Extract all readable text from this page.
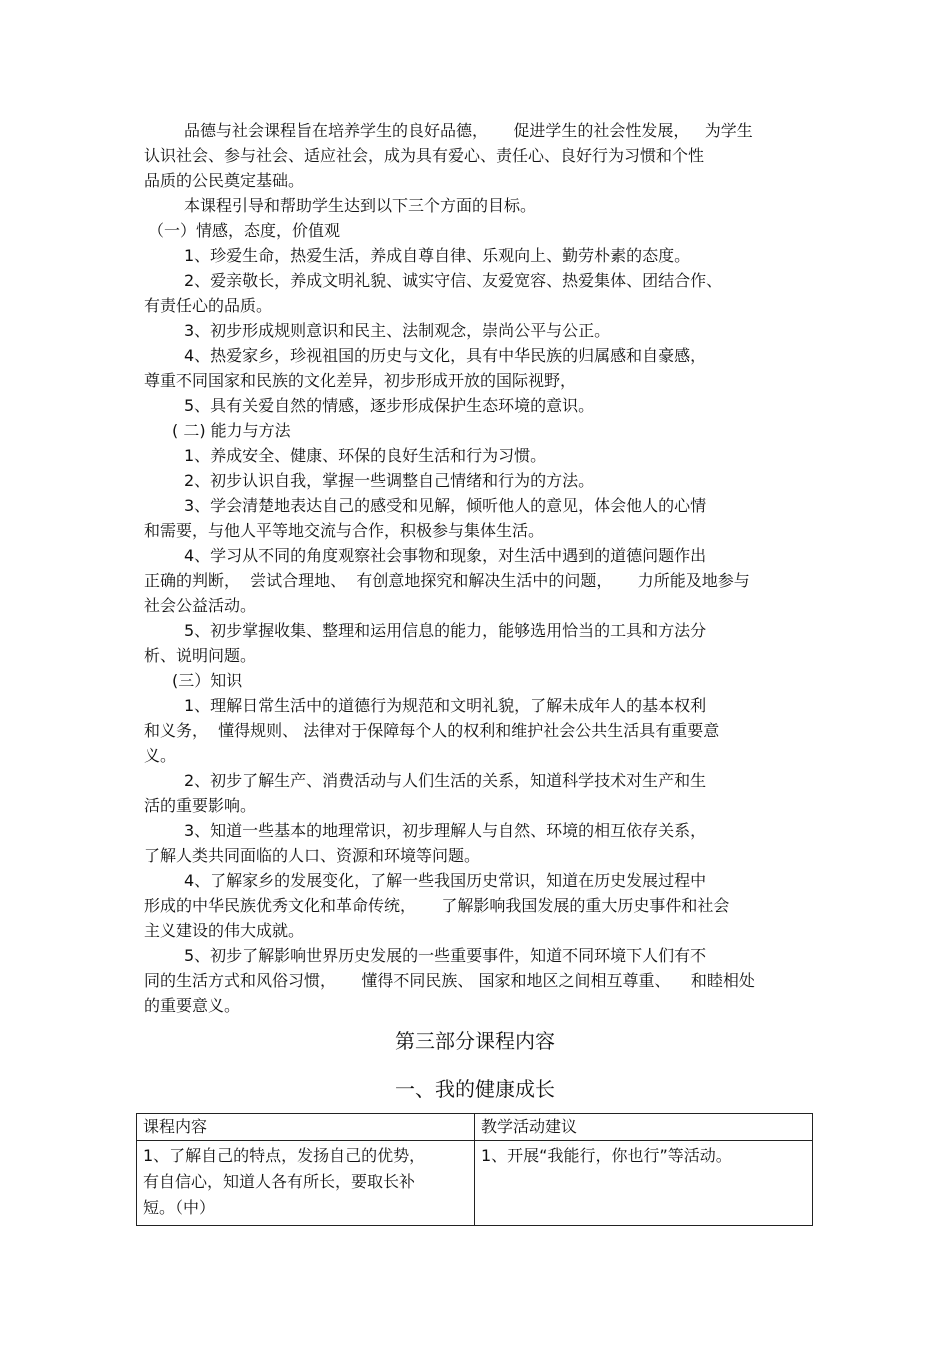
品德与社会课程旨在培养学生的良好品德，     促进学生的社会性发展，   为学生
认识社会、参与社会、适应社会，成为具有爱心、责任心、良好行为习惯和个性
品质的公民奠定基础。
本课程引导和帮助学生达到以下三个方面的目标。
（一）情感，态度，价值观
1、珍爱生命，热爱生活，养成自尊自律、乐观向上、勤劳朴素的态度。
2、爱亲敬长，养成文明礼貌、诚实守信、友爱宽容、热爱集体、团结合作、
有责任心的品质。
3、初步形成规则意识和民主、法制观念，崇尚公平与公正。
4、热爱家乡，珍视祖国的历史与文化，具有中华民族的归属感和自豪感，
尊重不同国家和民族的文化差异，初步形成开放的国际视野，
5、具有关爱自然的情感，逐步形成保护生态环境的意识。
( 二) 能力与方法
1、养成安全、健康、环保的良好生活和行为习惯。
2、初步认识自我，掌握一些调整自己情绪和行为的方法。
3、学会清楚地表达自己的感受和见解，倾听他人的意见，体会他人的心情
和需要，与他人平等地交流与合作，积极参与集体生活。
4、学习从不同的角度观察社会事物和现象，对生活中遇到的道德问题作出
正确的判断，  尝试合理地、  有创意地探究和解决生活中的问题，     力所能及地参与
社会公益活动。
5、初步掌握收集、整理和运用信息的能力，能够选用恰当的工具和方法分
析、说明问题。
(三）知识
1、理解日常生活中的道德行为规范和文明礼貌，了解未成年人的基本权利
和义务，  懂得规则、 法律对于保障每个人的权利和维护社会公共生活具有重要意
义。
2、初步了解生产、消费活动与人们生活的关系，知道科学技术对生产和生
活的重要影响。
3、知道一些基本的地理常识，初步理解人与自然、环境的相互依存关系，
了解人类共同面临的人口、资源和环境等问题。
4、了解家乡的发展变化，了解一些我国历史常识，知道在历史发展过程中
形成的中华民族优秀文化和革命传统，     了解影响我国发展的重大历史事件和社会
主义建设的伟大成就。
5、初步了解影响世界历史发展的一些重要事件，知道不同环境下人们有不
同的生活方式和风俗习惯，     懂得不同民族、 国家和地区之间相互尊重、    和睦相处
的重要意义。
第三部分课程内容
一、我的健康成长
课程内容	教学活动建议

1、了解自己的特点，发扬自己的优势，
有自信心，知道人各有所长，要取长补
短。（中）	1、开展“我能行，你也行”等活动。
